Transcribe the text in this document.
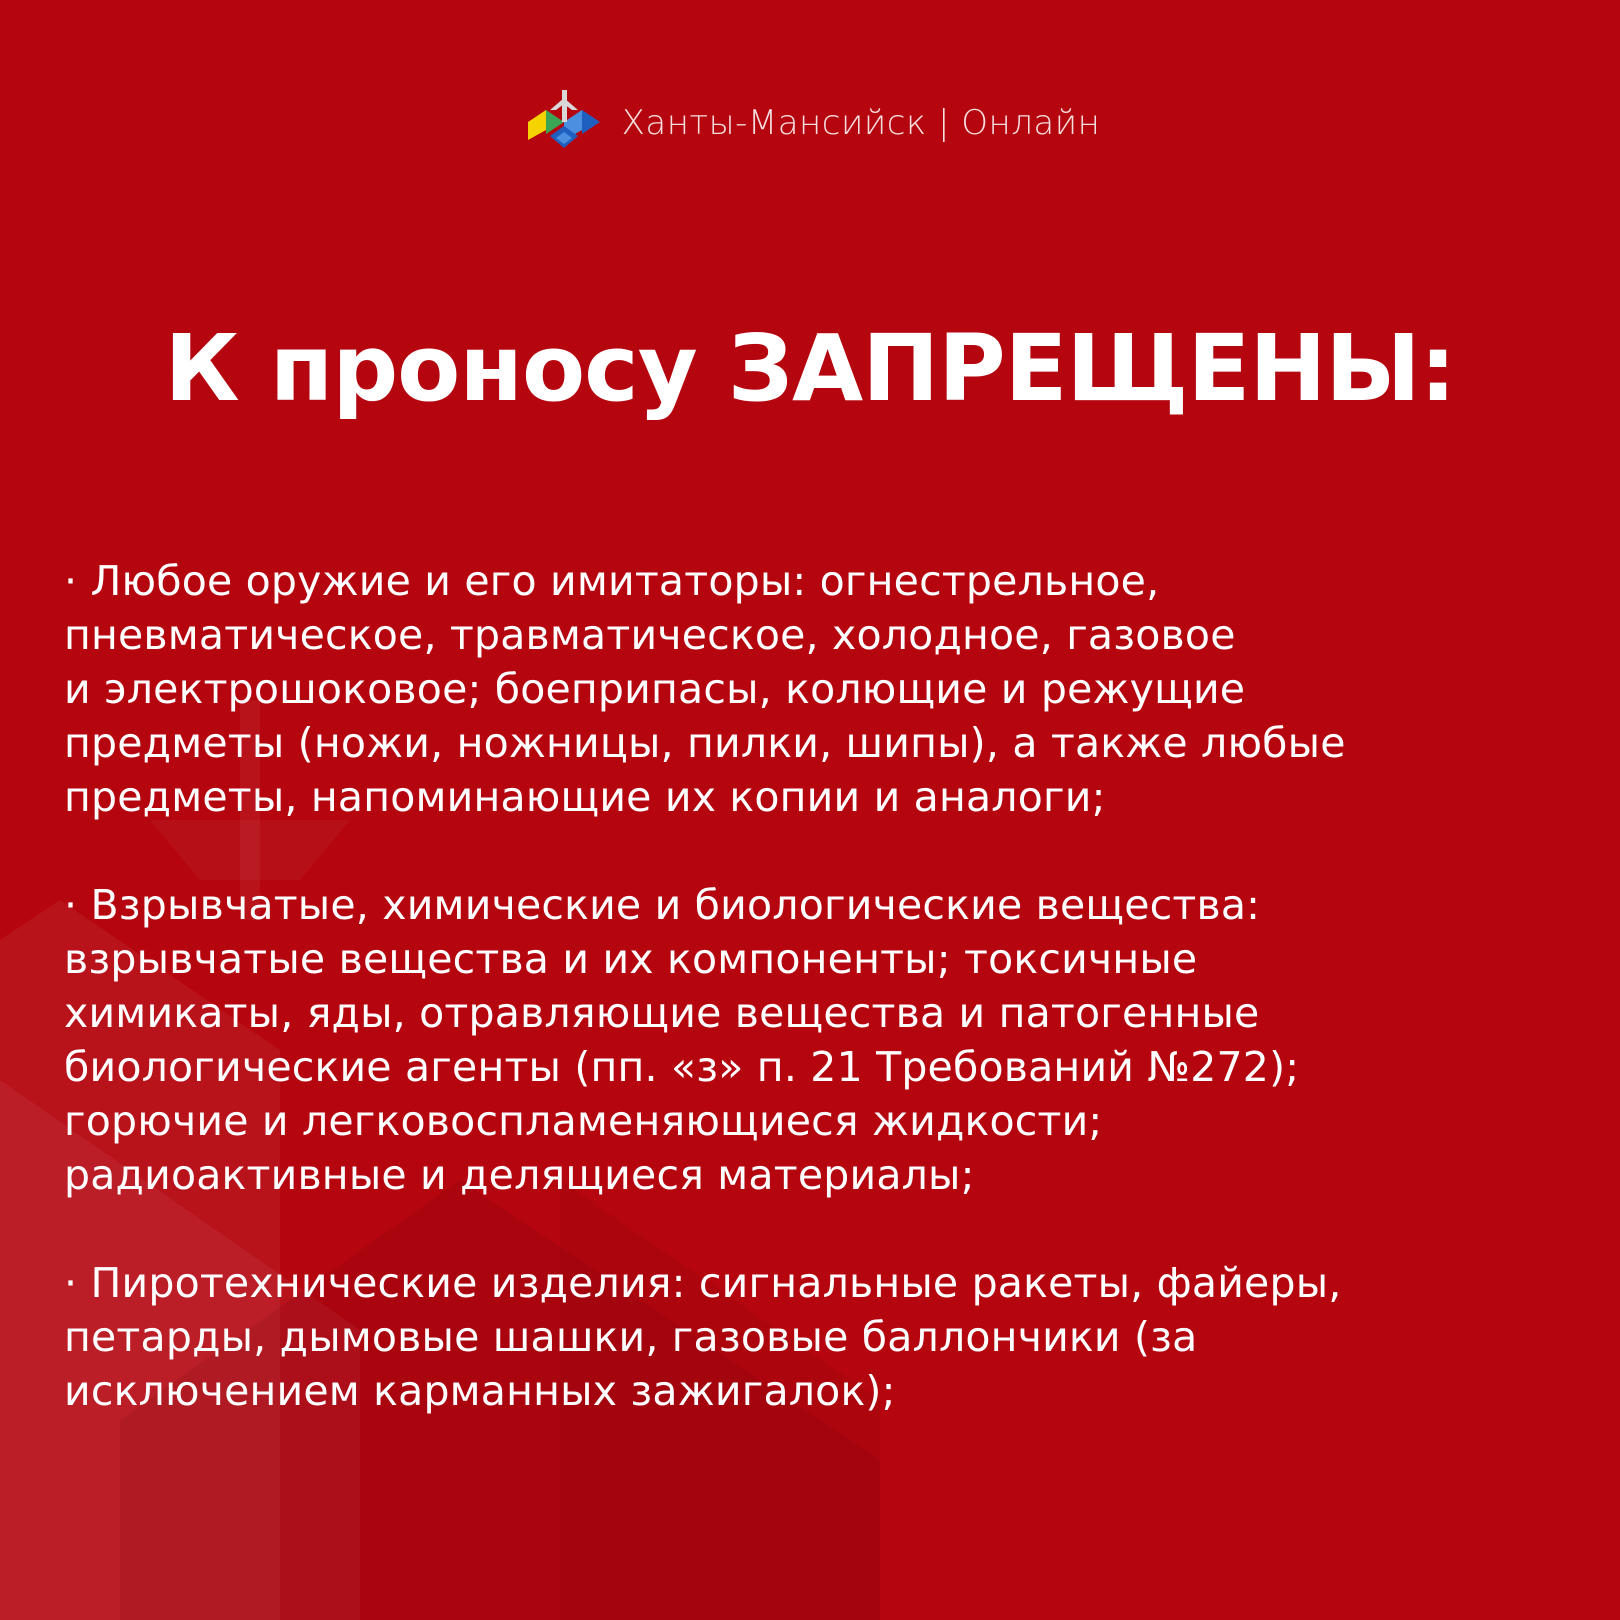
Ханты-Мансийск | Онлайн
К проносу ЗАПРЕЩЕНЫ:

· Любое оружие и его имитаторы: огнестрельное,
пневматическое, травматическое, холодное, газовое
и электрошоковое; боеприпасы, колющие и режущие
предметы (ножи, ножницы, пилки, шипы), а также любые
предметы, напоминающие их копии и аналоги;

· Взрывчатые, химические и биологические вещества:
взрывчатые вещества и их компоненты; токсичные
химикаты, яды, отравляющие вещества и патогенные
биологические агенты (пп. «з» п. 21 Требований №272);
горючие и легковоспламеняющиеся жидкости;
радиоактивные и делящиеся материалы;

· Пиротехнические изделия: сигнальные ракеты, файеры,
петарды, дымовые шашки, газовые баллончики (за
исключением карманных зажигалок);
